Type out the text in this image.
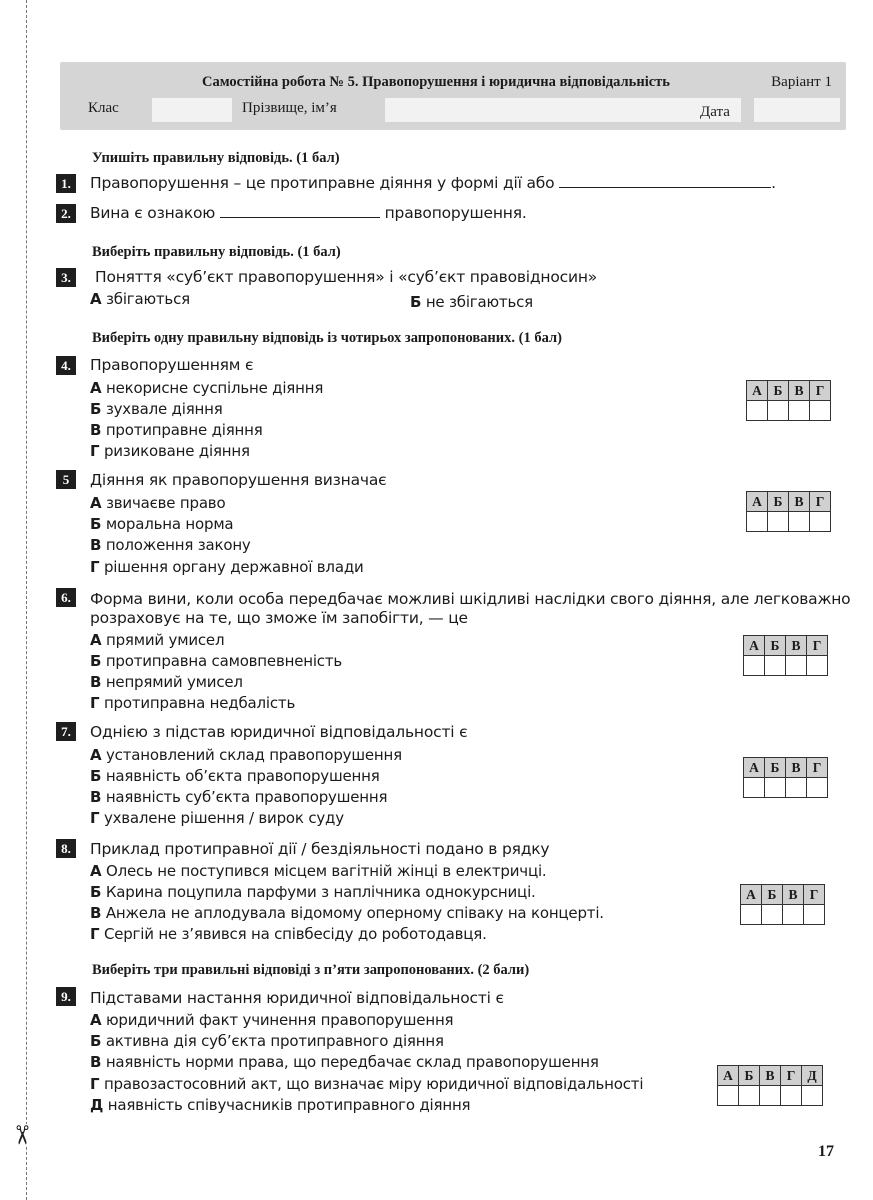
✂
Самостійна робота № 5. Правопорушення і юридична відповідальність	Варіант 1
Клас	Прізвище, ім’я	Дата
Упишіть правильну відповідь. (1 бал)
1.	Правопорушення – це протиправне діяння у формі дії або	.
2.	Вина є ознакою	правопорушення.
Виберіть правильну відповідь. (1 бал)
3.	Поняття «суб’єкт правопорушення» і «суб’єкт правовідносин»
А збігаються	Б не збігаються
Виберіть одну правильну відповідь із чотирьох запропонованих. (1 бал)
4.	Правопорушенням є
А некорисне суспільне діяння
Б зухвале діяння
В протиправне діяння
Г ризиковане діяння
А	Б	В	Г

5	Діяння як правопорушення визначає
А звичаєве право
Б моральна норма
В положення закону
Г рішення органу державної влади
А	Б	В	Г

6.	Форма вини, коли особа передбачає можливі шкідливі наслідки свого діяння, але легковажно
розраховує на те, що зможе їм запобігти, — це
А прямий умисел
Б протиправна самовпевненість
В непрямий умисел
Г протиправна недбалість
А	Б	В	Г

7.	Однією з підстав юридичної відповідальності є
А установлений склад правопорушення
Б наявність об’єкта правопорушення
В наявність суб’єкта правопорушення
Г ухвалене рішення / вирок суду
А	Б	В	Г

8.	Приклад протиправної дії / бездіяльності подано в рядку
А Олесь не поступився місцем вагітній жінці в електричці.
Б Карина поцупила парфуми з наплічника однокурсниці.
В Анжела не аплодувала відомому оперному співаку на концерті.
Г Сергій не з’явився на співбесіду до роботодавця.
А	Б	В	Г

Виберіть три правильні відповіді з п’яти запропонованих. (2 бали)
9.	Підставами настання юридичної відповідальності є
А юридичний факт учинення правопорушення
Б активна дія суб’єкта протиправного діяння
В наявність норми права, що передбачає склад правопорушення
Г правозастосовний акт, що визначає міру юридичної відповідальності
Д наявність співучасників протиправного діяння
А	Б	В	Г	Д

17
